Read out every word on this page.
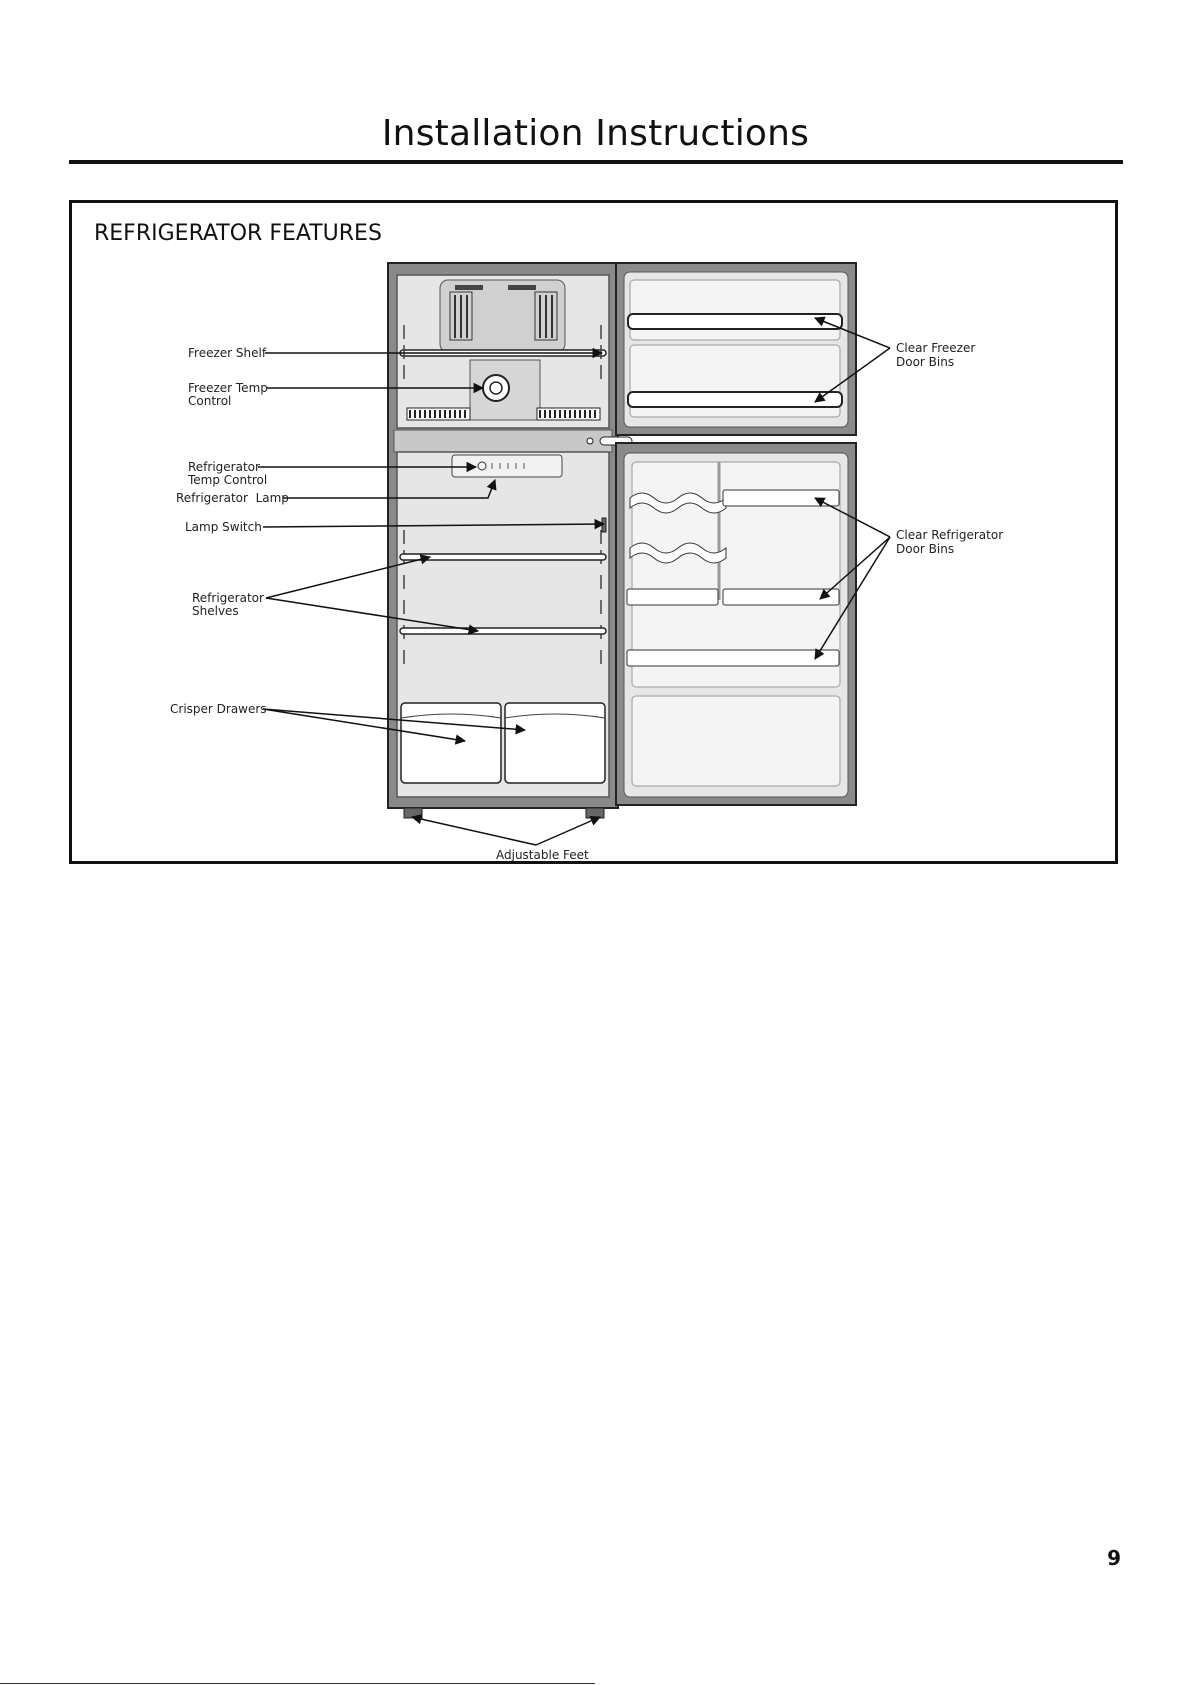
Installation Instructions
REFRIGERATOR FEATURES
Freezer Shelf
Freezer Temp
Control
Refrigerator
Temp Control
Refrigerator  Lamp
Lamp Switch
Refrigerator
Shelves
Crisper Drawers
Adjustable Feet
Clear Freezer
Door Bins
Clear Refrigerator
Door Bins
9
